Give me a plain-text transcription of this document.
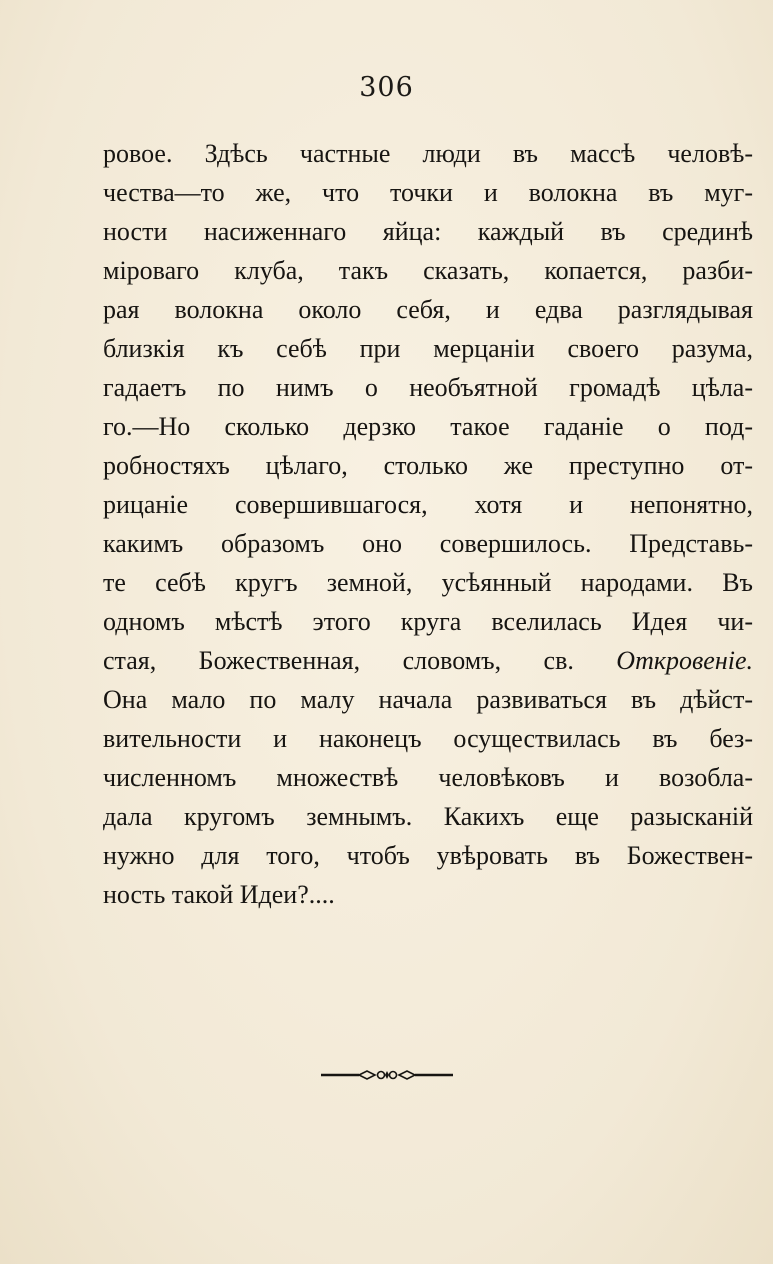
306
ровое. Здѣсь частные люди въ массѣ человѣ-
чества—то же, что точки и волокна въ муг-
ности насиженнаго яйца: каждый въ срединѣ
міроваго клуба, такъ сказать, копается, разби-
рая волокна около себя, и едва разглядывая
близкія къ себѣ при мерцаніи своего разума,
гадаетъ по нимъ о необъятной громадѣ цѣла-
го.—Но сколько дерзко такое гаданіе о под-
робностяхъ цѣлаго, столько же преступно от-
рицаніе совершившагося, хотя и непонятно,
какимъ образомъ оно совершилось. Представь-
те себѣ кругъ земной, усѣянный народами. Въ
одномъ мѣстѣ этого круга вселилась Идея чи-
стая, Божественная, словомъ, св. Откровеніе.
Она мало по малу начала развиваться въ дѣйст-
вительности и наконецъ осуществилась въ без-
численномъ множествѣ человѣковъ и возобла-
дала кругомъ земнымъ. Какихъ еще разысканій
нужно для того, чтобъ увѣровать въ Божествен-
ность такой Идеи?....
